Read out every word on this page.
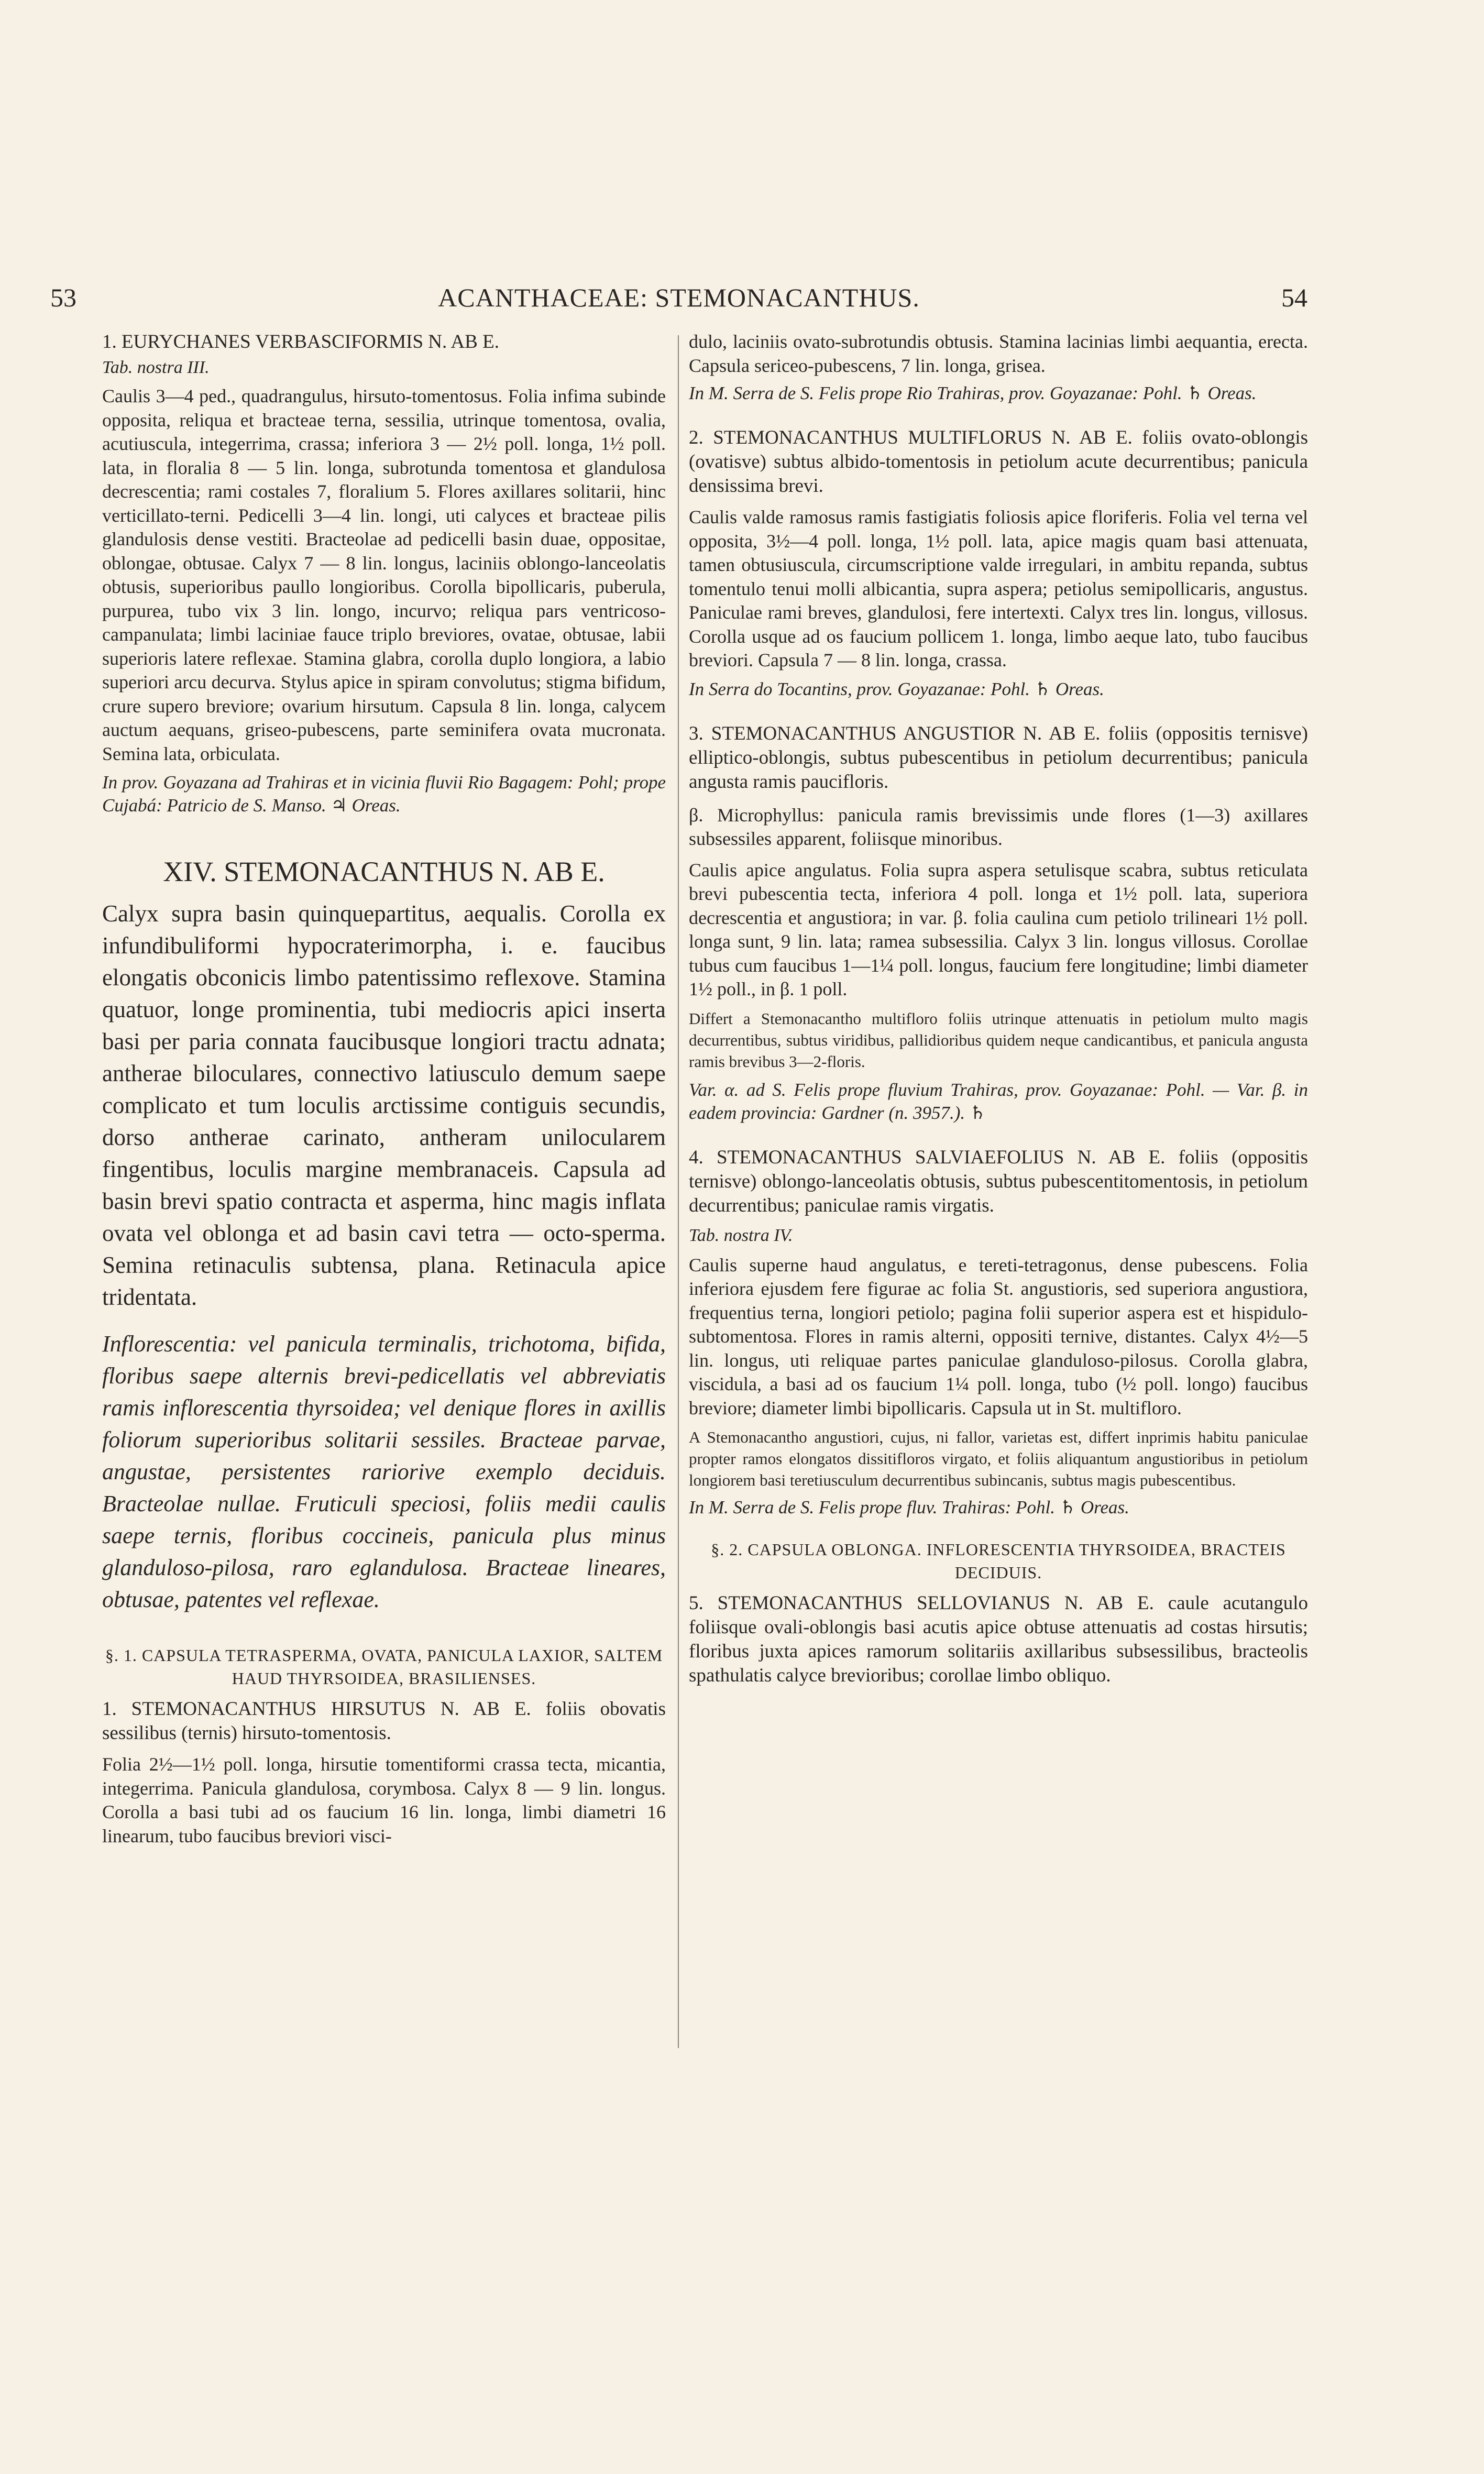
53	ACANTHACEAE: STEMONACANTHUS.	54

1. EURYCHANES VERBASCIFORMIS N. AB E.

Tab. nostra III.

Caulis 3—4 ped., quadrangulus, hirsuto-tomentosus. Folia infima subinde opposita, reliqua et bracteae terna, sessilia, utrinque tomentosa, ovalia, acutiuscula, integerrima, crassa; inferiora 3 — 2½ poll. longa, 1½ poll. lata, in floralia 8 — 5 lin. longa, subrotunda tomentosa et glandulosa decrescentia; rami costales 7, floralium 5. Flores axillares solitarii, hinc verticillato-terni. Pedicelli 3—4 lin. longi, uti calyces et bracteae pilis glandulosis dense vestiti. Bracteolae ad pedicelli basin duae, oppositae, oblongae, obtusae. Calyx 7 — 8 lin. longus, laciniis oblongo-lanceolatis obtusis, superioribus paullo longioribus. Corolla bipollicaris, puberula, purpurea, tubo vix 3 lin. longo, incurvo; reliqua pars ventricoso-campanulata; limbi laciniae fauce triplo breviores, ovatae, obtusae, labii superioris latere reflexae. Stamina glabra, corolla duplo longiora, a labio superiori arcu decurva. Stylus apice in spiram convolutus; stigma bifidum, crure supero breviore; ovarium hirsutum. Capsula 8 lin. longa, calycem auctum aequans, griseo-pubescens, parte seminifera ovata mucronata. Semina lata, orbiculata.

In prov. Goyazana ad Trahiras et in vicinia fluvii Rio Bagagem: Pohl; prope Cujabá: Patricio de S. Manso. ♃ Oreas.

XIV. STEMONACANTHUS N. AB E.

Calyx supra basin quinquepartitus, aequalis. Corolla ex infundibuliformi hypocraterimorpha, i. e. faucibus elongatis obconicis limbo patentissimo reflexove. Stamina quatuor, longe prominentia, tubi mediocris apici inserta basi per paria connata faucibusque longiori tractu adnata; antherae biloculares, connectivo latiusculo demum saepe complicato et tum loculis arctissime contiguis secundis, dorso antherae carinato, antheram unilocularem fingentibus, loculis margine membranaceis. Capsula ad basin brevi spatio contracta et asperma, hinc magis inflata ovata vel oblonga et ad basin cavi tetra — octo-sperma. Semina retinaculis subtensa, plana. Retinacula apice tridentata.

Inflorescentia: vel panicula terminalis, trichotoma, bifida, floribus saepe alternis brevi-pedicellatis vel abbreviatis ramis inflorescentia thyrsoidea; vel denique flores in axillis foliorum superioribus solitarii sessiles. Bracteae parvae, angustae, persistentes rariorive exemplo deciduis. Bracteolae nullae. Fruticuli speciosi, foliis medii caulis saepe ternis, floribus coccineis, panicula plus minus glanduloso-pilosa, raro eglandulosa. Bracteae lineares, obtusae, patentes vel reflexae.

§. 1. CAPSULA TETRASPERMA, OVATA, PANICULA LAXIOR, SALTEM HAUD THYRSOIDEA, BRASILIENSES.

1. STEMONACANTHUS HIRSUTUS N. AB E. foliis obovatis sessilibus (ternis) hirsuto-tomentosis.

Folia 2½—1½ poll. longa, hirsutie tomentiformi crassa tecta, micantia, integerrima. Panicula glandulosa, corymbosa. Calyx 8 — 9 lin. longus. Corolla a basi tubi ad os faucium 16 lin. longa, limbi diametri 16 linearum, tubo faucibus breviori visci-

dulo, laciniis ovato-subrotundis obtusis. Stamina lacinias limbi aequantia, erecta. Capsula sericeo-pubescens, 7 lin. longa, grisea.

In M. Serra de S. Felis prope Rio Trahiras, prov. Goyazanae: Pohl. ♄ Oreas.

2. STEMONACANTHUS MULTIFLORUS N. AB E. foliis ovato-oblongis (ovatisve) subtus albido-tomentosis in petiolum acute decurrentibus; panicula densissima brevi.

Caulis valde ramosus ramis fastigiatis foliosis apice floriferis. Folia vel terna vel opposita, 3½—4 poll. longa, 1½ poll. lata, apice magis quam basi attenuata, tamen obtusiuscula, circumscriptione valde irregulari, in ambitu repanda, subtus tomentulo tenui molli albicantia, supra aspera; petiolus semipollicaris, angustus. Paniculae rami breves, glandulosi, fere intertexti. Calyx tres lin. longus, villosus. Corolla usque ad os faucium pollicem 1. longa, limbo aeque lato, tubo faucibus breviori. Capsula 7 — 8 lin. longa, crassa.

In Serra do Tocantins, prov. Goyazanae: Pohl. ♄ Oreas.

3. STEMONACANTHUS ANGUSTIOR N. AB E. foliis (oppositis ternisve) elliptico-oblongis, subtus pubescentibus in petiolum decurrentibus; panicula angusta ramis paucifloris.

β. Microphyllus: panicula ramis brevissimis unde flores (1—3) axillares subsessiles apparent, foliisque minoribus.

Caulis apice angulatus. Folia supra aspera setulisque scabra, subtus reticulata brevi pubescentia tecta, inferiora 4 poll. longa et 1½ poll. lata, superiora decrescentia et angustiora; in var. β. folia caulina cum petiolo trilineari 1½ poll. longa sunt, 9 lin. lata; ramea subsessilia. Calyx 3 lin. longus villosus. Corollae tubus cum faucibus 1—1¼ poll. longus, faucium fere longitudine; limbi diameter 1½ poll., in β. 1 poll.

Differt a Stemonacantho multifloro foliis utrinque attenuatis in petiolum multo magis decurrentibus, subtus viridibus, pallidioribus quidem neque candicantibus, et panicula angusta ramis brevibus 3—2-floris.

Var. α. ad S. Felis prope fluvium Trahiras, prov. Goyazanae: Pohl. — Var. β. in eadem provincia: Gardner (n. 3957.). ♄

4. STEMONACANTHUS SALVIAEFOLIUS N. AB E. foliis (oppositis ternisve) oblongo-lanceolatis obtusis, subtus pubescentitomentosis, in petiolum decurrentibus; paniculae ramis virgatis.

Tab. nostra IV.

Caulis superne haud angulatus, e tereti-tetragonus, dense pubescens. Folia inferiora ejusdem fere figurae ac folia St. angustioris, sed superiora angustiora, frequentius terna, longiori petiolo; pagina folii superior aspera est et hispidulo-subtomentosa. Flores in ramis alterni, oppositi ternive, distantes. Calyx 4½—5 lin. longus, uti reliquae partes paniculae glanduloso-pilosus. Corolla glabra, viscidula, a basi ad os faucium 1¼ poll. longa, tubo (½ poll. longo) faucibus breviore; diameter limbi bipollicaris. Capsula ut in St. multifloro.

A Stemonacantho angustiori, cujus, ni fallor, varietas est, differt inprimis habitu paniculae propter ramos elongatos dissitifloros virgato, et foliis aliquantum angustioribus in petiolum longiorem basi teretiusculum decurrentibus subincanis, subtus magis pubescentibus.

In M. Serra de S. Felis prope fluv. Trahiras: Pohl. ♄ Oreas.

§. 2. CAPSULA OBLONGA. INFLORESCENTIA THYRSOIDEA, BRACTEIS DECIDUIS.

5. STEMONACANTHUS SELLOVIANUS N. AB E. caule acutangulo foliisque ovali-oblongis basi acutis apice obtuse attenuatis ad costas hirsutis; floribus juxta apices ramorum solitariis axillaribus subsessilibus, bracteolis spathulatis calyce brevioribus; corollae limbo obliquo.
